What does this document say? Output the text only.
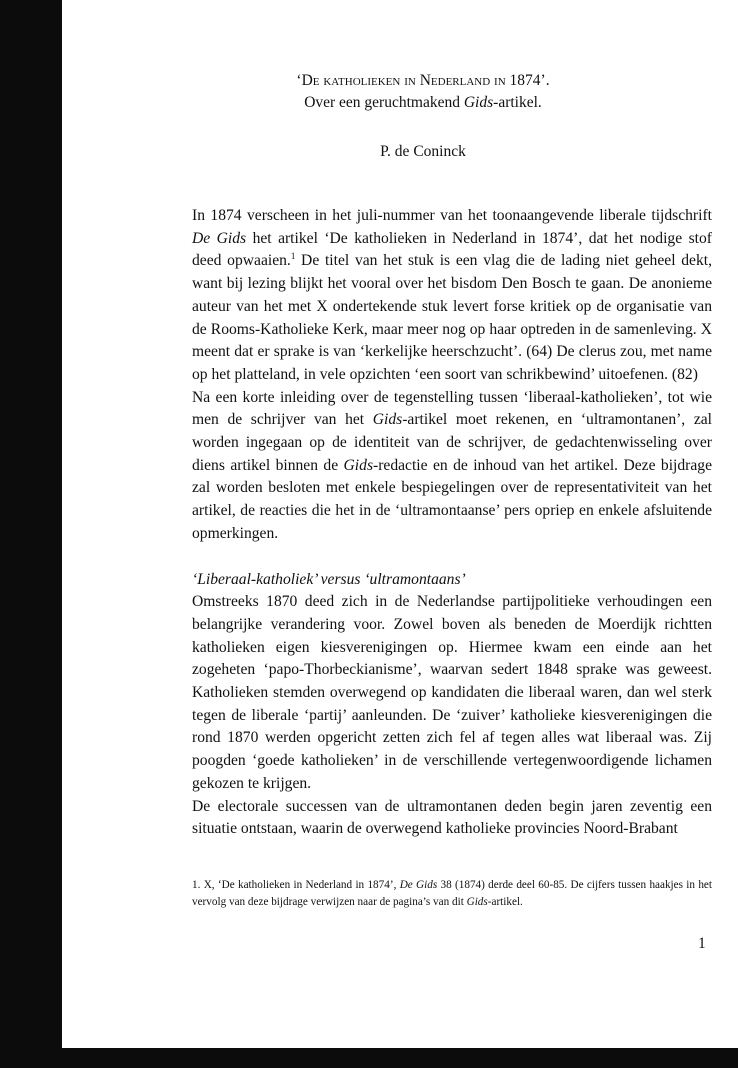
‘De katholieken in Nederland in 1874’.
Over een geruchtmakend Gids-artikel.
P. de Coninck

In 1874 verscheen in het juli-nummer van het toonaangevende liberale tijdschrift De Gids het artikel ‘De katholieken in Nederland in 1874’, dat het nodige stof deed opwaaien.$^1$ De titel van het stuk is een vlag die de lading niet geheel dekt, want bij lezing blijkt het vooral over het bisdom Den Bosch te gaan. De anonieme auteur van het met X ondertekende stuk levert forse kritiek op de organisatie van de Rooms-Katholieke Kerk, maar meer nog op haar optreden in de samenleving. X meent dat er sprake is van ‘kerkelijke heerschzucht’. (64) De clerus zou, met name op het platteland, in vele opzichten ‘een soort van schrikbewind’ uitoefenen. (82)

Na een korte inleiding over de tegenstelling tussen ‘liberaal-katholieken’, tot wie men de schrijver van het Gids-artikel moet rekenen, en ‘ultramontanen’, zal worden ingegaan op de identiteit van de schrijver, de gedachtenwisseling over diens artikel binnen de Gids-redactie en de inhoud van het artikel. Deze bijdrage zal worden besloten met enkele bespiegelingen over de representativiteit van het artikel, de reacties die het in de ‘ultramontaanse’ pers opriep en enkele afsluitende opmerkingen.

‘Liberaal-katholiek’ versus ‘ultramontaans’

Omstreeks 1870 deed zich in de Nederlandse partijpolitieke verhoudingen een belangrijke verandering voor. Zowel boven als beneden de Moerdijk richtten katholieken eigen kiesverenigingen op. Hiermee kwam een einde aan het zogeheten ‘papo-Thorbeckianisme’, waarvan sedert 1848 sprake was geweest. Katholieken stemden overwegend op kandidaten die liberaal waren, dan wel sterk tegen de liberale ‘partij’ aanleunden. De ‘zuiver’ katholieke kiesverenigingen die rond 1870 werden opgericht zetten zich fel af tegen alles wat liberaal was. Zij poogden ‘goede katholieken’ in de verschillende vertegenwoordigende lichamen gekozen te krijgen.

De electorale successen van de ultramontanen deden begin jaren zeventig een situatie ontstaan, waarin de overwegend katholieke provincies Noord-Brabant

1. X, ‘De katholieken in Nederland in 1874’, De Gids 38 (1874) derde deel 60-85. De cijfers tussen haakjes in het vervolg van deze bijdrage verwijzen naar de pagina’s van dit Gids-artikel.
1
